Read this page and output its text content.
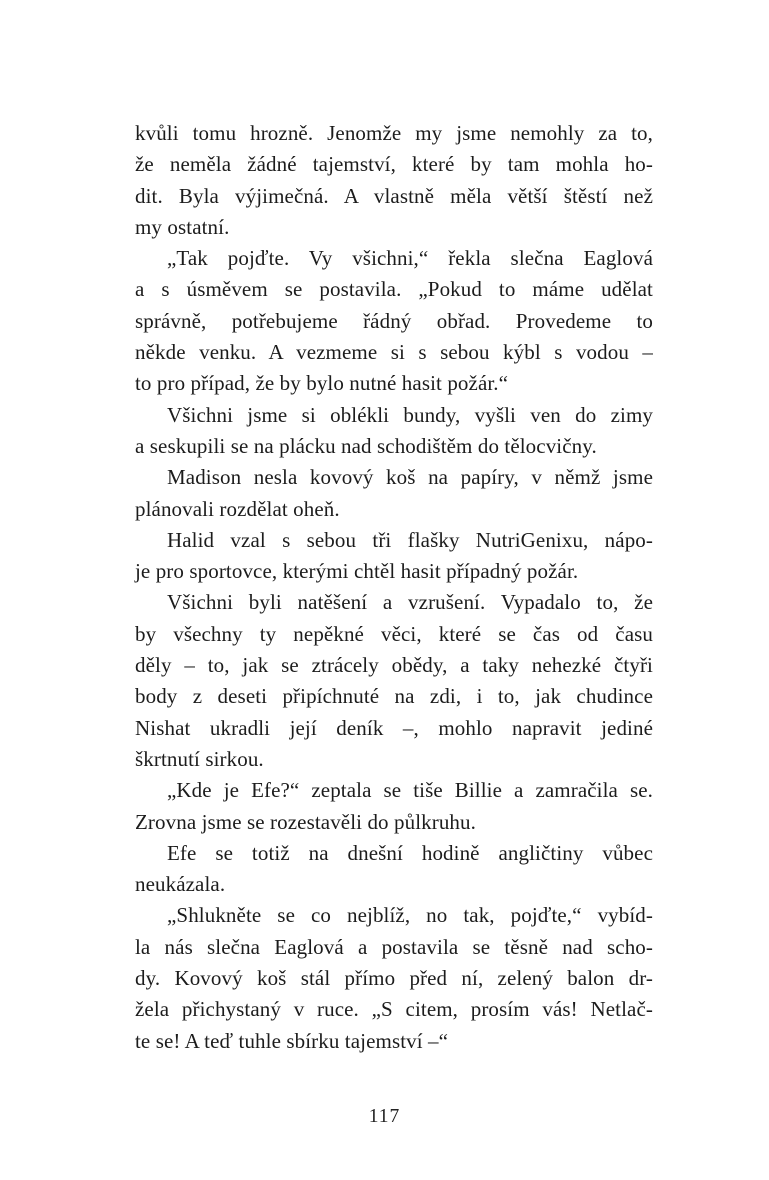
kvůli tomu hrozně. Jenomže my jsme nemohly za to,
že neměla žádné tajemství, které by tam mohla ho-
dit. Byla výjimečná. A vlastně měla větší štěstí než
my ostatní.
„Tak pojďte. Vy všichni,“ řekla slečna Eaglová
a s úsměvem se postavila. „Pokud to máme udělat
správně, potřebujeme řádný obřad. Provedeme to
někde venku. A vezmeme si s sebou kýbl s vodou –
to pro případ, že by bylo nutné hasit požár.“
Všichni jsme si oblékli bundy, vyšli ven do zimy
a seskupili se na plácku nad schodištěm do tělocvičny.
Madison nesla kovový koš na papíry, v němž jsme
plánovali rozdělat oheň.
Halid vzal s sebou tři flašky NutriGenixu, nápo-
je pro sportovce, kterými chtěl hasit případný požár.
Všichni byli natěšení a vzrušení. Vypadalo to, že
by všechny ty nepěkné věci, které se čas od času
děly – to, jak se ztrácely obědy, a taky nehezké čtyři
body z deseti připíchnuté na zdi, i to, jak chudince
Nishat ukradli její deník –, mohlo napravit jediné
škrtnutí sirkou.
„Kde je Efe?“ zeptala se tiše Billie a zamračila se.
Zrovna jsme se rozestavěli do půlkruhu.
Efe se totiž na dnešní hodině angličtiny vůbec
neukázala.
„Shlukněte se co nejblíž, no tak, pojďte,“ vybíd-
la nás slečna Eaglová a postavila se těsně nad scho-
dy. Kovový koš stál přímo před ní, zelený balon dr-
žela přichystaný v ruce. „S citem, prosím vás! Netlač-
te se! A teď tuhle sbírku tajemství –“
117
